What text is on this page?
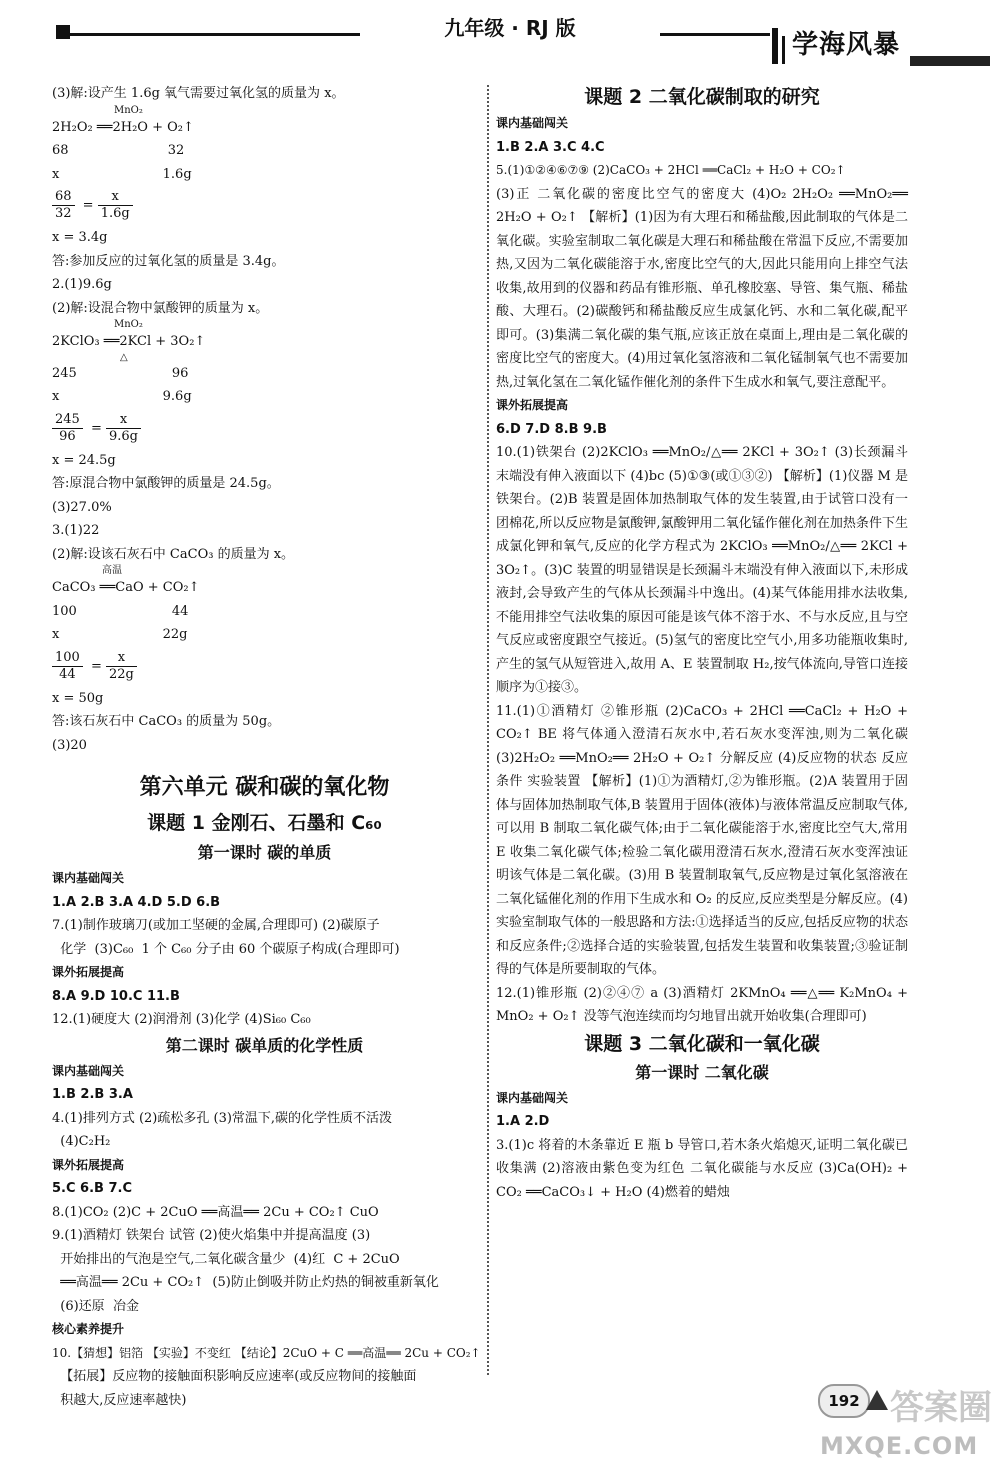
九年级 · RJ 版
学海风暴
(3)解:设产生 1.6g 氧气需要过氧化氢的质量为 x。
MnO₂
2H₂O₂ ══2H₂O + O₂↑
68                        32
x                         1.6g
$\frac{68}{32} = \frac{x}{1.6g}$
x = 3.4g
答:参加反应的过氧化氢的质量是 3.4g。
2.(1)9.6g
(2)解:设混合物中氯酸钾的质量为 x。
MnO₂
2KClO₃ ══2KCl + 3O₂↑
△
245                       96
x                         9.6g
$\frac{245}{96} = \frac{x}{9.6g}$
x = 24.5g
答:原混合物中氯酸钾的质量是 24.5g。
(3)27.0%
3.(1)22
(2)解:设该石灰石中 CaCO₃ 的质量为 x。
高温
CaCO₃ ══CaO + CO₂↑
100                       44
x                         22g
$\frac{100}{44} = \frac{x}{22g}$
x = 50g
答:该石灰石中 CaCO₃ 的质量为 50g。
(3)20
第六单元 碳和碳的氧化物
课题 1 金刚石、石墨和 C₆₀
第一课时 碳的单质
课内基础闯关
1.A 2.B 3.A 4.D 5.D 6.B
7.(1)制作玻璃刀(或加工坚硬的金属,合理即可) (2)碳原子
化学  (3)C₆₀  1 个 C₆₀ 分子由 60 个碳原子构成(合理即可)
课外拓展提高
8.A 9.D 10.C 11.B
12.(1)硬度大 (2)润滑剂 (3)化学 (4)Si₆₀ C₆₀
第二课时 碳单质的化学性质
课内基础闯关
1.B 2.B 3.A
4.(1)排列方式 (2)疏松多孔 (3)常温下,碳的化学性质不活泼
(4)C₂H₂
课外拓展提高
5.C 6.B 7.C
8.(1)CO₂ (2)C + 2CuO ══高温══ 2Cu + CO₂↑ CuO
9.(1)酒精灯 铁架台 试管 (2)使火焰集中并提高温度 (3)
开始排出的气泡是空气,二氧化碳含量少  (4)红  C + 2CuO
══高温══ 2Cu + CO₂↑  (5)防止倒吸并防止灼热的铜被重新氧化
(6)还原  冶金
核心素养提升
10.【猜想】铝箔 【实验】不变红 【结论】2CuO + C ══高温══ 2Cu + CO₂↑
【拓展】反应物的接触面积影响反应速率(或反应物间的接触面
积越大,反应速率越快)
课题 2 二氧化碳制取的研究
课内基础闯关
1.B 2.A 3.C 4.C
5.(1)①②④⑥⑦⑨ (2)CaCO₃ + 2HCl ══CaCl₂ + H₂O + CO₂↑
(3)正 二氧化碳的密度比空气的密度大 (4)O₂ 2H₂O₂ ══MnO₂══ 2H₂O + O₂↑ 【解析】(1)因为有大理石和稀盐酸,因此制取的气体是二氧化碳。实验室制取二氧化碳是大理石和稀盐酸在常温下反应,不需要加热,又因为二氧化碳能溶于水,密度比空气的大,因此只能用向上排空气法收集,故用到的仪器和药品有锥形瓶、单孔橡胶塞、导管、集气瓶、稀盐酸、大理石。(2)碳酸钙和稀盐酸反应生成氯化钙、水和二氧化碳,配平即可。(3)集满二氧化碳的集气瓶,应该正放在桌面上,理由是二氧化碳的密度比空气的密度大。(4)用过氧化氢溶液和二氧化锰制氧气也不需要加热,过氧化氢在二氧化锰作催化剂的条件下生成水和氧气,要注意配平。
课外拓展提高
6.D 7.D 8.B 9.B
10.(1)铁架台 (2)2KClO₃ ══MnO₂/△══ 2KCl + 3O₂↑ (3)长颈漏斗末端没有伸入液面以下 (4)bc (5)①③(或①③②) 【解析】(1)仪器 M 是铁架台。(2)B 装置是固体加热制取气体的发生装置,由于试管口没有一团棉花,所以反应物是氯酸钾,氯酸钾用二氧化锰作催化剂在加热条件下生成氯化钾和氧气,反应的化学方程式为 2KClO₃ ══MnO₂/△══ 2KCl + 3O₂↑。(3)C 装置的明显错误是长颈漏斗末端没有伸入液面以下,未形成液封,会导致产生的气体从长颈漏斗中逸出。(4)某气体能用排水法收集,不能用排空气法收集的原因可能是该气体不溶于水、不与水反应,且与空气反应或密度跟空气接近。(5)氢气的密度比空气小,用多功能瓶收集时,产生的氢气从短管进入,故用 A、E 装置制取 H₂,按气体流向,导管口连接顺序为①接③。
11.(1)①酒精灯 ②锥形瓶 (2)CaCO₃ + 2HCl ══CaCl₂ + H₂O + CO₂↑ BE 将气体通入澄清石灰水中,若石灰水变浑浊,则为二氧化碳 (3)2H₂O₂ ══MnO₂══ 2H₂O + O₂↑ 分解反应 (4)反应物的状态 反应条件 实验装置 【解析】(1)①为酒精灯,②为锥形瓶。(2)A 装置用于固体与固体加热制取气体,B 装置用于固体(液体)与液体常温反应制取气体,可以用 B 制取二氧化碳气体;由于二氧化碳能溶于水,密度比空气大,常用 E 收集二氧化碳气体;检验二氧化碳用澄清石灰水,澄清石灰水变浑浊证明该气体是二氧化碳。(3)用 B 装置制取氧气,反应物是过氧化氢溶液在二氧化锰催化剂的作用下生成水和 O₂ 的反应,反应类型是分解反应。(4)实验室制取气体的一般思路和方法:①选择适当的反应,包括反应物的状态和反应条件;②选择合适的实验装置,包括发生装置和收集装置;③验证制得的气体是所要制取的气体。
12.(1)锥形瓶 (2)②④⑦ a (3)酒精灯 2KMnO₄ ══△══ K₂MnO₄ + MnO₂ + O₂↑ 没等气泡连续而均匀地冒出就开始收集(合理即可)
课题 3 二氧化碳和一氧化碳
第一课时 二氧化碳
课内基础闯关
1.A 2.D
3.(1)c 将着的木条靠近 E 瓶 b 导管口,若木条火焰熄灭,证明二氧化碳已收集满 (2)溶液由紫色变为红色 二氧化碳能与水反应 (3)Ca(OH)₂ + CO₂ ══CaCO₃↓ + H₂O (4)燃着的蜡烛
192 答案圈
MXQE.COM
